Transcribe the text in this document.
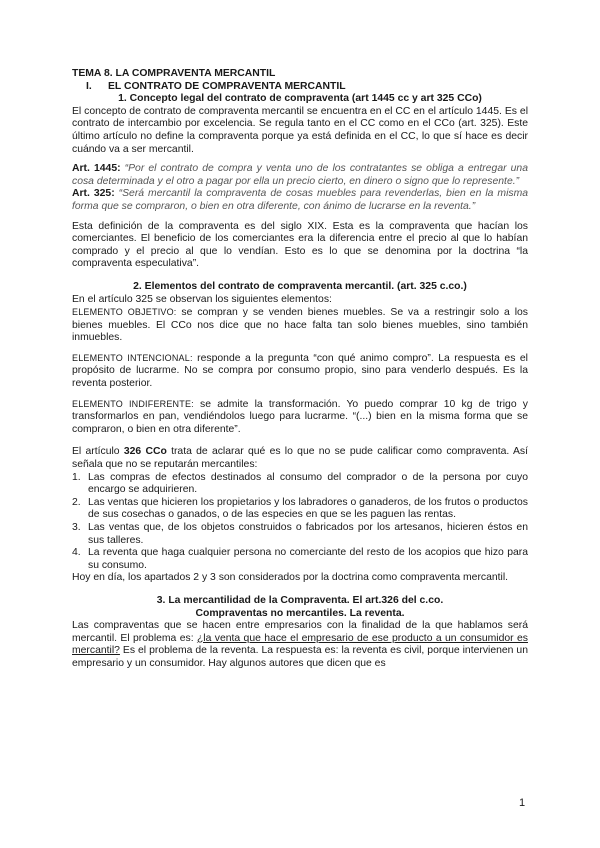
TEMA 8. LA COMPRAVENTA MERCANTIL

I. EL CONTRATO DE COMPRAVENTA MERCANTIL

1. Concepto legal del contrato de compraventa (art 1445 cc y art 325 CCo)

El concepto de contrato de compraventa mercantil se encuentra en el CC en el artículo 1445. Es el contrato de intercambio por excelencia. Se regula tanto en el CC como en el CCo (art. 325). Este último artículo no define la compraventa porque ya está definida en el CC, lo que sí hace es decir cuándo va a ser mercantil.

Art. 1445: “Por el contrato de compra y venta uno de los contratantes se obliga a entregar una cosa determinada y el otro a pagar por ella un precio cierto, en dinero o signo que lo represente.”

Art. 325: “Será mercantil la compraventa de cosas muebles para revenderlas, bien en la misma forma que se compraron, o bien en otra diferente, con ánimo de lucrarse en la reventa.”

Esta definición de la compraventa es del siglo XIX. Esta es la compraventa que hacían los comerciantes. El beneficio de los comerciantes era la diferencia entre el precio al que lo habían comprado y el precio al que lo vendían. Esto es lo que se denomina por la doctrina “la compraventa especulativa”.

2. Elementos del contrato de compraventa mercantil. (art. 325 c.co.)

En el artículo 325 se observan los siguientes elementos:

ELEMENTO OBJETIVO: se compran y se venden bienes muebles. Se va a restringir solo a los bienes muebles. El CCo nos dice que no hace falta tan solo bienes muebles, sino también inmuebles.

ELEMENTO INTENCIONAL: responde a la pregunta “con qué animo compro”. La respuesta es el propósito de lucrarme. No se compra por consumo propio, sino para venderlo después. Es la reventa posterior.

ELEMENTO INDIFERENTE: se admite la transformación. Yo puedo comprar 10 kg de trigo y transformarlos en pan, vendiéndolos luego para lucrarme. “(...) bien en la misma forma que se compraron, o bien en otra diferente”.

El artículo 326 CCo trata de aclarar qué es lo que no se pude calificar como compraventa. Así señala que no se reputarán mercantiles:

1. Las compras de efectos destinados al consumo del comprador o de la persona por cuyo encargo se adquirieren.
2. Las ventas que hicieren los propietarios y los labradores o ganaderos, de los frutos o productos de sus cosechas o ganados, o de las especies en que se les paguen las rentas.
3. Las ventas que, de los objetos construidos o fabricados por los artesanos, hicieren éstos en sus talleres.
4. La reventa que haga cualquier persona no comerciante del resto de los acopios que hizo para su consumo.

Hoy en día, los apartados 2 y 3 son considerados por la doctrina como compraventa mercantil.

3. La mercantilidad de la Compraventa. El art.326 del c.co.

Compraventas no mercantiles. La reventa.

Las compraventas que se hacen entre empresarios con la finalidad de la que hablamos será mercantil. El problema es: ¿la venta que hace el empresario de ese producto a un consumidor es mercantil? Es el problema de la reventa. La respuesta es: la reventa es civil, porque intervienen un empresario y un consumidor. Hay algunos autores que dicen que es

1
